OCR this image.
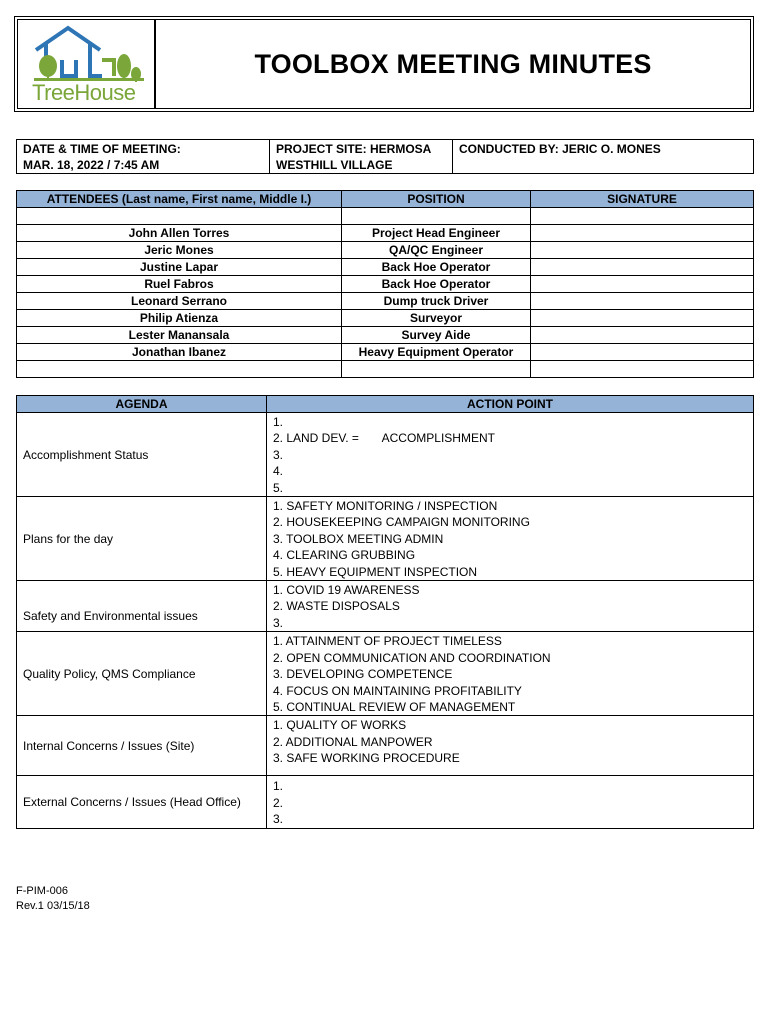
TreeHouse
TOOLBOX MEETING MINUTES
DATE & TIME OF MEETING:
MAR. 18, 2022 / 7:45 AM

PROJECT SITE: HERMOSA
WESTHILL VILLAGE

CONDUCTED BY: JERIC O. MONES
ATTENDEES (Last name, First name, Middle I.)	POSITION	SIGNATURE

John Allen Torres	Project Head Engineer	
Jeric Mones	QA/QC Engineer	
Justine Lapar	Back Hoe Operator	
Ruel Fabros	Back Hoe Operator	
Leonard Serrano	Dump truck Driver	
Philip Atienza	Surveyor	
Lester Manansala	Survey Aide	
Jonathan Ibanez	Heavy Equipment Operator	

AGENDA	ACTION POINT
Accomplishment Status	1.
2. LAND DEV. =       ACCOMPLISHMENT
3.
4.
5.

Plans for the day	1. SAFETY MONITORING / INSPECTION
2. HOUSEKEEPING CAMPAIGN MONITORING
3. TOOLBOX MEETING ADMIN
4. CLEARING GRUBBING
5. HEAVY EQUIPMENT INSPECTION

Safety and Environmental issues	1. COVID 19 AWARENESS
2. WASTE DISPOSALS
3.

Quality Policy, QMS Compliance	1. ATTAINMENT OF PROJECT TIMELESS
2. OPEN COMMUNICATION AND COORDINATION
3. DEVELOPING COMPETENCE
4. FOCUS ON MAINTAINING PROFITABILITY
5. CONTINUAL REVIEW OF MANAGEMENT

Internal Concerns / Issues (Site)	1. QUALITY OF WORKS
2. ADDITIONAL MANPOWER
3. SAFE WORKING PROCEDURE

External Concerns / Issues (Head Office)	1.
2.
3.
F-PIM-006
Rev.1 03/15/18
